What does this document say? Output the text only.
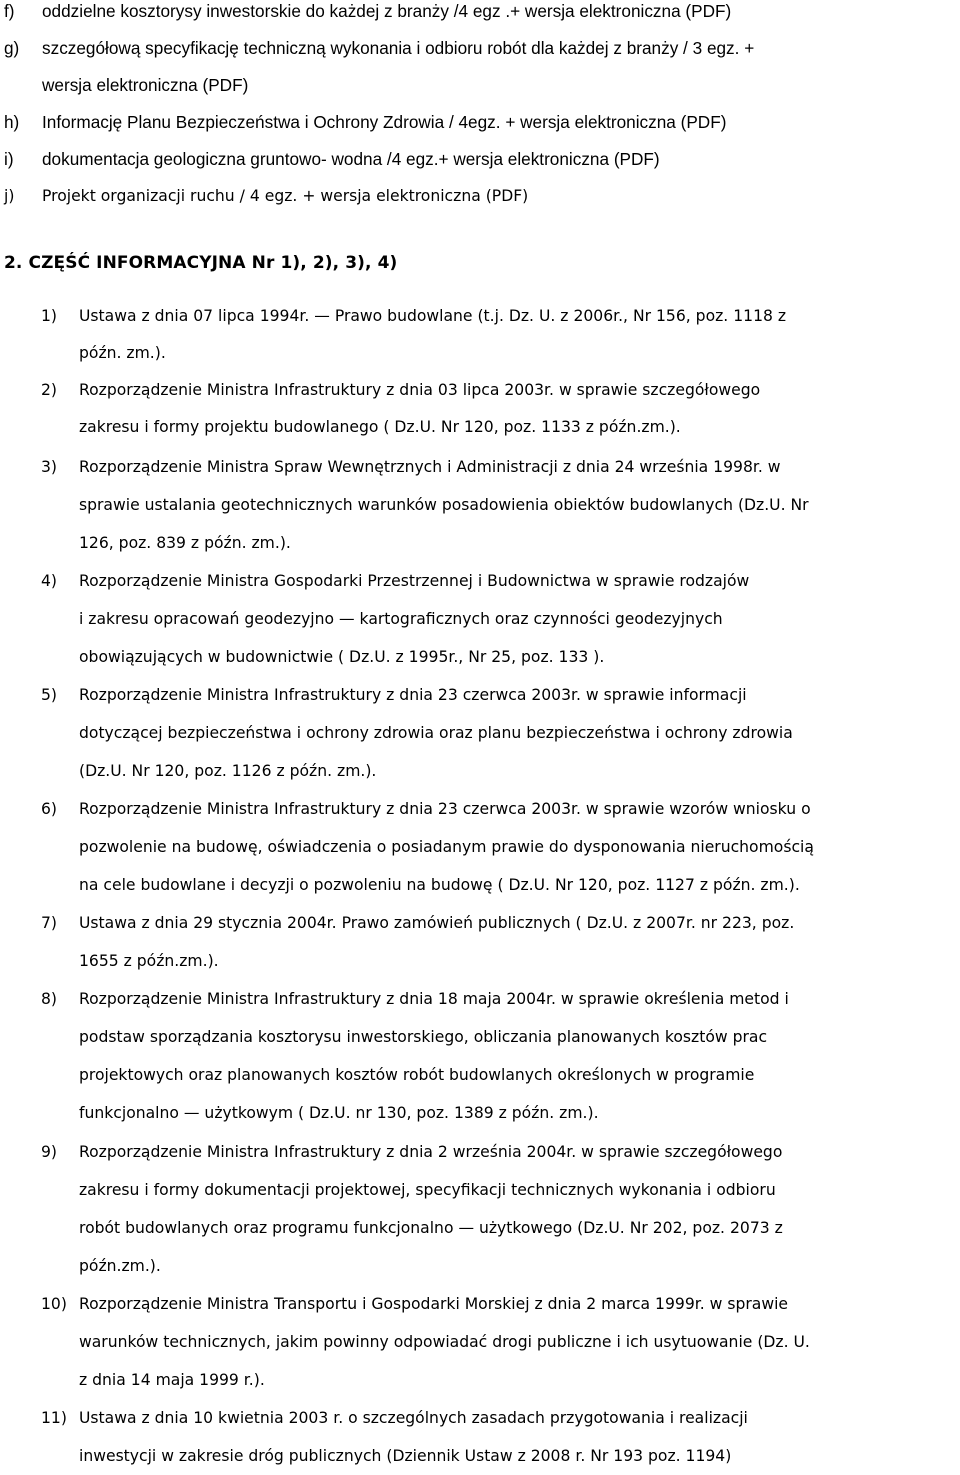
f) oddzielne kosztorysy inwestorskie do każdej z branży /4 egz .+ wersja elektroniczna (PDF)
g) szczegółową specyfikację techniczną wykonania i odbioru robót dla każdej z branży / 3 egz. +
wersja elektroniczna (PDF)
h) Informację Planu Bezpieczeństwa i Ochrony Zdrowia / 4egz. + wersja elektroniczna (PDF)
i) dokumentacja geologiczna gruntowo- wodna /4 egz.+ wersja elektroniczna (PDF)
j) Projekt organizacji ruchu / 4 egz. + wersja elektroniczna (PDF)
2. CZĘŚĆ INFORMACYJNA Nr 1), 2), 3), 4)
1) Ustawa z dnia 07 lipca 1994r. — Prawo budowlane (t.j. Dz. U. z 2006r., Nr 156, poz. 1118 z
późn. zm.).
2) Rozporządzenie Ministra Infrastruktury z dnia 03 lipca 2003r. w sprawie szczegółowego
zakresu i formy projektu budowlanego ( Dz.U. Nr 120, poz. 1133 z późn.zm.).
3) Rozporządzenie Ministra Spraw Wewnętrznych i Administracji z dnia 24 września 1998r. w
sprawie ustalania geotechnicznych warunków posadowienia obiektów budowlanych (Dz.U. Nr
126, poz. 839 z późn. zm.).
4) Rozporządzenie Ministra Gospodarki Przestrzennej i Budownictwa w sprawie rodzajów
i zakresu opracowań geodezyjno — kartograficznych oraz czynności geodezyjnych
obowiązujących w budownictwie ( Dz.U. z 1995r., Nr 25, poz. 133 ).
5) Rozporządzenie Ministra Infrastruktury z dnia 23 czerwca 2003r. w sprawie informacji
dotyczącej bezpieczeństwa i ochrony zdrowia oraz planu bezpieczeństwa i ochrony zdrowia
(Dz.U. Nr 120, poz. 1126 z późn. zm.).
6) Rozporządzenie Ministra Infrastruktury z dnia 23 czerwca 2003r. w sprawie wzorów wniosku o
pozwolenie na budowę, oświadczenia o posiadanym prawie do dysponowania nieruchomością
na cele budowlane i decyzji o pozwoleniu na budowę ( Dz.U. Nr 120, poz. 1127 z późn. zm.).
7) Ustawa z dnia 29 stycznia 2004r. Prawo zamówień publicznych ( Dz.U. z 2007r. nr 223, poz.
1655 z późn.zm.).
8) Rozporządzenie Ministra Infrastruktury z dnia 18 maja 2004r. w sprawie określenia metod i
podstaw sporządzania kosztorysu inwestorskiego, obliczania planowanych kosztów prac
projektowych oraz planowanych kosztów robót budowlanych określonych w programie
funkcjonalno — użytkowym ( Dz.U. nr 130, poz. 1389 z późn. zm.).
9) Rozporządzenie Ministra Infrastruktury z dnia 2 września 2004r. w sprawie szczegółowego
zakresu i formy dokumentacji projektowej, specyfikacji technicznych wykonania i odbioru
robót budowlanych oraz programu funkcjonalno — użytkowego (Dz.U. Nr 202, poz. 2073 z
późn.zm.).
10) Rozporządzenie Ministra Transportu i Gospodarki Morskiej z dnia 2 marca 1999r. w sprawie
warunków technicznych, jakim powinny odpowiadać drogi publiczne i ich usytuowanie (Dz. U.
z dnia 14 maja 1999 r.).
11) Ustawa z dnia 10 kwietnia 2003 r. o szczególnych zasadach przygotowania i realizacji
inwestycji w zakresie dróg publicznych (Dziennik Ustaw z 2008 r. Nr 193 poz. 1194)
